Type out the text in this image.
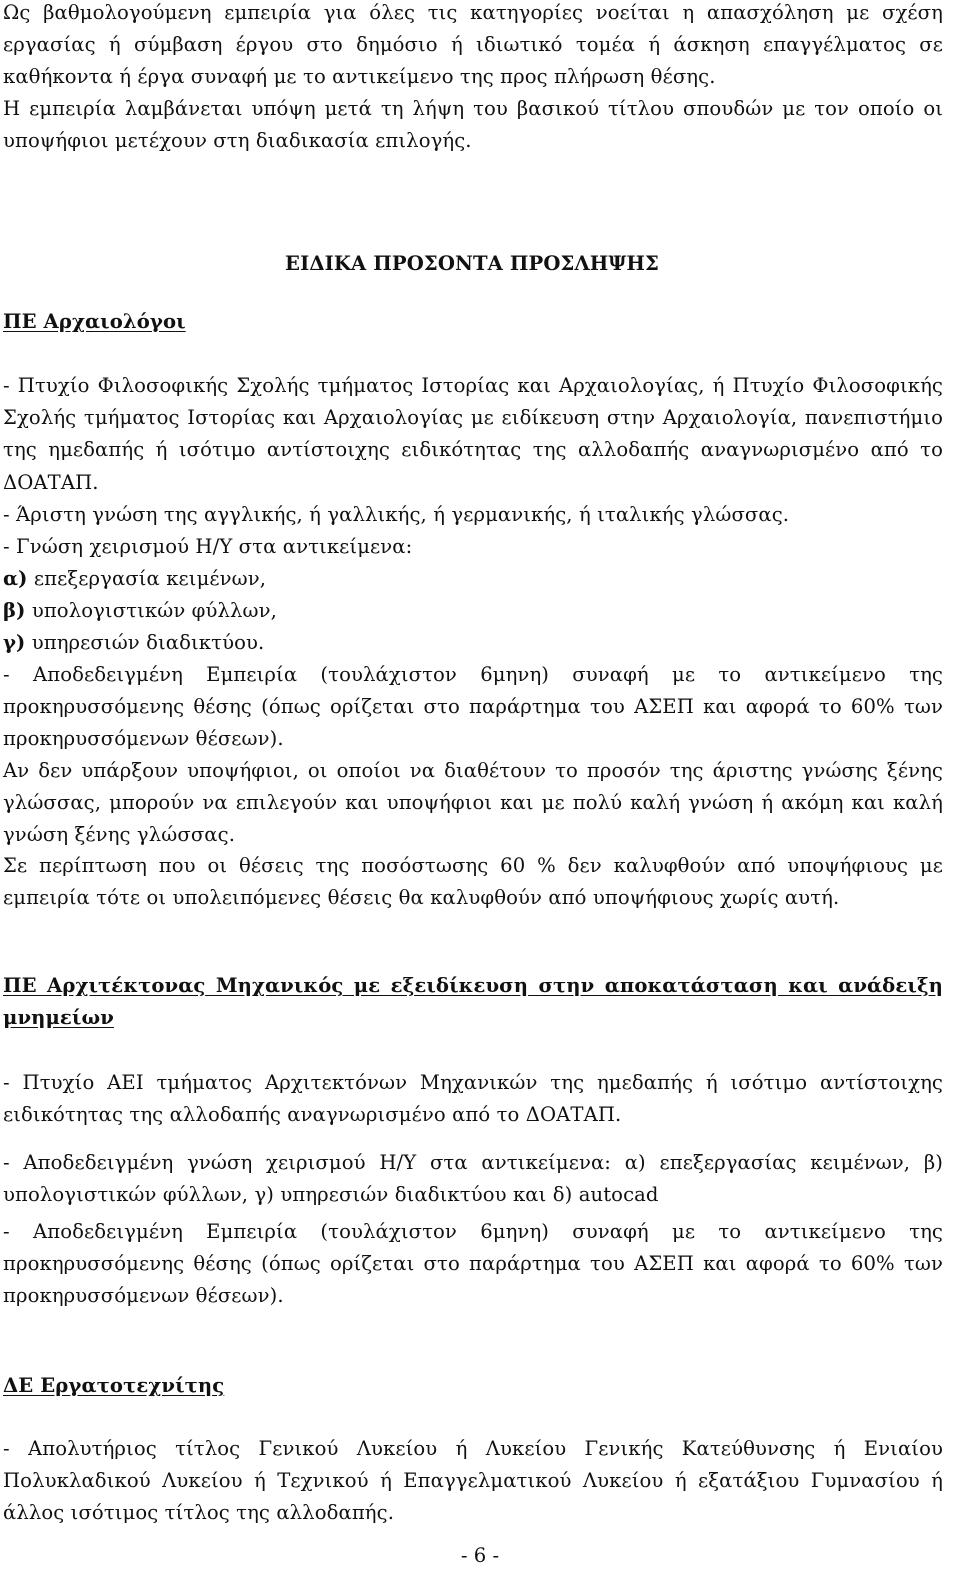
Ως βαθμολογούμενη εμπειρία για όλες τις κατηγορίες νοείται η απασχόληση με σχέση εργασίας ή σύμβαση έργου στο δημόσιο ή ιδιωτικό τομέα ή άσκηση επαγγέλματος σε καθήκοντα ή έργα συναφή με το αντικείμενο της προς πλήρωση θέσης.
Η εμπειρία λαμβάνεται υπόψη μετά τη λήψη του βασικού τίτλου σπουδών με τον οποίο οι υποψήφιοι μετέχουν στη διαδικασία επιλογής.
ΕΙΔΙΚΑ ΠΡΟΣΟΝΤΑ ΠΡΟΣΛΗΨΗΣ
ΠΕ Αρχαιολόγοι
- Πτυχίο Φιλοσοφικής Σχολής τμήματος Ιστορίας και Αρχαιολογίας, ή Πτυχίο Φιλοσοφικής Σχολής τμήματος Ιστορίας και Αρχαιολογίας με ειδίκευση στην Αρχαιολογία, πανεπιστήμιο της ημεδαπής ή ισότιμο αντίστοιχης ειδικότητας της αλλοδαπής αναγνωρισμένο από το ΔΟΑΤΑΠ.
- Άριστη γνώση της αγγλικής, ή γαλλικής, ή γερμανικής, ή ιταλικής γλώσσας.
- Γνώση χειρισμού Η/Υ στα αντικείμενα:
α) επεξεργασία κειμένων,
β) υπολογιστικών φύλλων,
γ) υπηρεσιών διαδικτύου.
- Αποδεδειγμένη Εμπειρία (τουλάχιστον 6μηνη) συναφή με το αντικείμενο της προκηρυσσόμενης θέσης (όπως ορίζεται στο παράρτημα του ΑΣΕΠ και αφορά το 60% των προκηρυσσόμενων θέσεων).
Αν δεν υπάρξουν υποψήφιοι, οι οποίοι να διαθέτουν το προσόν της άριστης γνώσης ξένης γλώσσας, μπορούν να επιλεγούν και υποψήφιοι και με πολύ καλή γνώση ή ακόμη και καλή γνώση ξένης γλώσσας.
Σε περίπτωση που οι θέσεις της ποσόστωσης 60 % δεν καλυφθούν από υποψήφιους με εμπειρία τότε οι υπολειπόμενες θέσεις θα καλυφθούν από υποψήφιους χωρίς αυτή.
ΠΕ Αρχιτέκτονας Μηχανικός με εξειδίκευση στην αποκατάσταση και ανάδειξη μνημείων
- Πτυχίο ΑΕΙ τμήματος Αρχιτεκτόνων Μηχανικών της ημεδαπής ή ισότιμο αντίστοιχης ειδικότητας της αλλοδαπής αναγνωρισμένο από το ΔΟΑΤΑΠ.
- Αποδεδειγμένη γνώση χειρισμού Η/Υ στα αντικείμενα: α) επεξεργασίας κειμένων, β) υπολογιστικών φύλλων, γ) υπηρεσιών διαδικτύου και δ) autocad
- Αποδεδειγμένη Εμπειρία (τουλάχιστον 6μηνη) συναφή με το αντικείμενο της προκηρυσσόμενης θέσης (όπως ορίζεται στο παράρτημα του ΑΣΕΠ και αφορά το 60% των προκηρυσσόμενων θέσεων).
ΔΕ Εργατοτεχνίτης
- Απολυτήριος τίτλος Γενικού Λυκείου ή Λυκείου Γενικής Κατεύθυνσης ή Ενιαίου Πολυκλαδικού Λυκείου ή Τεχνικού ή Επαγγελματικού Λυκείου ή εξατάξιου Γυμνασίου ή άλλος ισότιμος τίτλος της αλλοδαπής.
- 6 -
